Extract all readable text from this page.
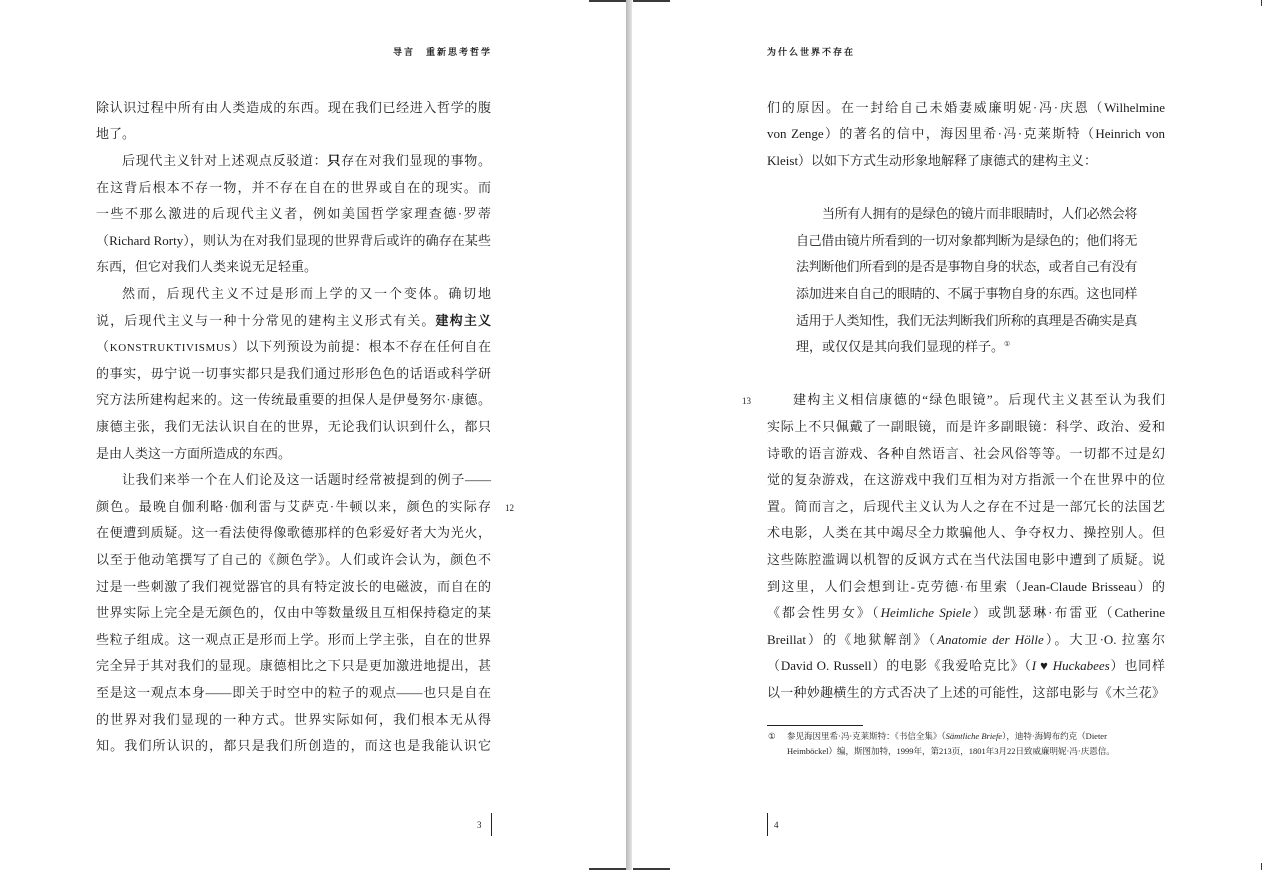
导言　重新思考哲学
除认识过程中所有由人类造成的东西。现在我们已经进入哲学的腹
地了。
后现代主义针对上述观点反驳道：只存在对我们显现的事物。
在这背后根本不存一物，并不存在自在的世界或自在的现实。而
一些不那么激进的后现代主义者，例如美国哲学家理查德·罗蒂
（Richard Rorty），则认为在对我们显现的世界背后或许的确存在某些
东西，但它对我们人类来说无足轻重。
然而，后现代主义不过是形而上学的又一个变体。确切地
说，后现代主义与一种十分常见的建构主义形式有关。建构主义
（KONSTRUKTIVISMUS）以下列预设为前提：根本不存在任何自在
的事实，毋宁说一切事实都只是我们通过形形色色的话语或科学研
究方法所建构起来的。这一传统最重要的担保人是伊曼努尔·康德。
康德主张，我们无法认识自在的世界，无论我们认识到什么，都只
是由人类这一方面所造成的东西。
让我们来举一个在人们论及这一话题时经常被提到的例子——
颜色。最晚自伽利略·伽利雷与艾萨克·牛顿以来，颜色的实际存
在便遭到质疑。这一看法使得像歌德那样的色彩爱好者大为光火，
以至于他动笔撰写了自己的《颜色学》。人们或许会认为，颜色不
过是一些刺激了我们视觉器官的具有特定波长的电磁波，而自在的
世界实际上完全是无颜色的，仅由中等数量级且互相保持稳定的某
些粒子组成。这一观点正是形而上学。形而上学主张，自在的世界
完全异于其对我们的显现。康德相比之下只是更加激进地提出，甚
至是这一观点本身——即关于时空中的粒子的观点——也只是自在
的世界对我们显现的一种方式。世界实际如何，我们根本无从得
知。我们所认识的，都只是我们所创造的，而这也是我能认识它
12
3
为什么世界不存在
们的原因。在一封给自己未婚妻威廉明妮·冯·庆恩（Wilhelmine
von Zenge）的著名的信中，海因里希·冯·克莱斯特（Heinrich von
Kleist）以如下方式生动形象地解释了康德式的建构主义：
当所有人拥有的是绿色的镜片而非眼睛时，人们必然会将
自己借由镜片所看到的一切对象都判断为是绿色的；他们将无
法判断他们所看到的是否是事物自身的状态，或者自己有没有
添加进来自自己的眼睛的、不属于事物自身的东西。这也同样
适用于人类知性，我们无法判断我们所称的真理是否确实是真
理，或仅仅是其向我们显现的样子。①
建构主义相信康德的“绿色眼镜”。后现代主义甚至认为我们
实际上不只佩戴了一副眼镜，而是许多副眼镜：科学、政治、爱和
诗歌的语言游戏、各种自然语言、社会风俗等等。一切都不过是幻
觉的复杂游戏，在这游戏中我们互相为对方指派一个在世界中的位
置。简而言之，后现代主义认为人之存在不过是一部冗长的法国艺
术电影，人类在其中竭尽全力欺骗他人、争夺权力、操控别人。但
这些陈腔滥调以机智的反讽方式在当代法国电影中遭到了质疑。说
到这里，人们会想到让-克劳德·布里索（Jean-Claude Brisseau）的
《都会性男女》（Heimliche Spiele）或凯瑟琳·布雷亚（Catherine
Breillat）的《地狱解剖》（Anatomie der Hölle）。大卫·O. 拉塞尔
（David O. Russell）的电影《我爱哈克比》（I ♥ Huckabees）也同样
以一种妙趣横生的方式否决了上述的可能性，这部电影与《木兰花》
13
① 参见海因里希·冯·克莱斯特：《书信全集》（Sämtliche Briefe），迪特·海姆布约克（Dieter
Heimböckel）编，斯图加特，1999年，第213页，1801年3月22日致威廉明妮·冯·庆恩信。
4
